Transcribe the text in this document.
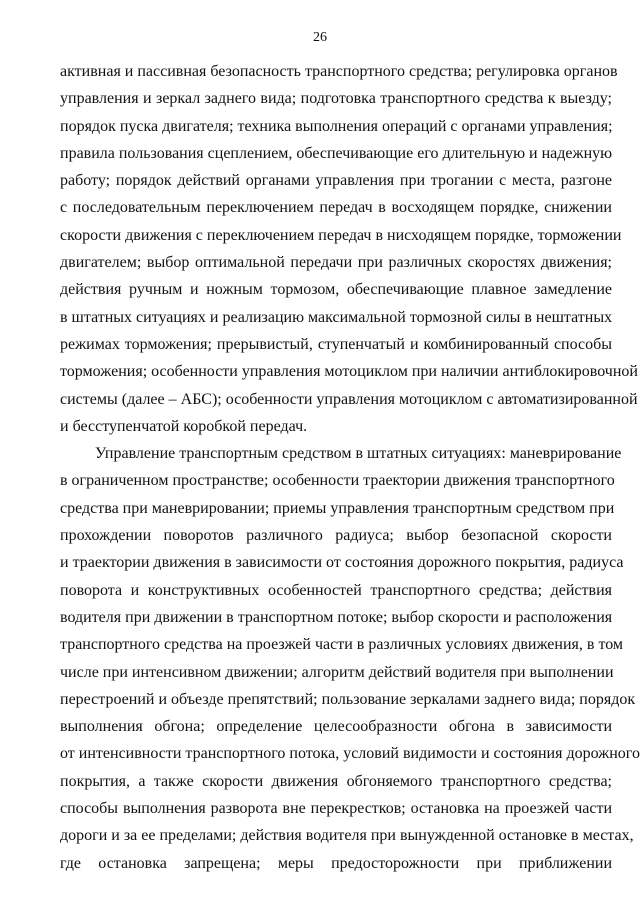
26
активная и пассивная безопасность транспортного средства; регулировка органов
управления и зеркал заднего вида; подготовка транспортного средства к выезду;
порядок пуска двигателя; техника выполнения операций с органами управления;
правила пользования сцеплением, обеспечивающие его длительную и надежную
работу; порядок действий органами управления при трогании с места, разгоне
с последовательным переключением передач в восходящем порядке, снижении
скорости движения с переключением передач в нисходящем порядке, торможении
двигателем; выбор оптимальной передачи при различных скоростях движения;
действия ручным и ножным тормозом, обеспечивающие плавное замедление
в штатных ситуациях и реализацию максимальной тормозной силы в нештатных
режимах торможения; прерывистый, ступенчатый и комбинированный способы
торможения; особенности управления мотоциклом при наличии антиблокировочной
системы (далее – АБС); особенности управления мотоциклом с автоматизированной
и бесступенчатой коробкой передач.
Управление транспортным средством в штатных ситуациях: маневрирование
в ограниченном пространстве; особенности траектории движения транспортного
средства при маневрировании; приемы управления транспортным средством при
прохождении поворотов различного радиуса; выбор безопасной скорости
и траектории движения в зависимости от состояния дорожного покрытия, радиуса
поворота и конструктивных особенностей транспортного средства; действия
водителя при движении в транспортном потоке; выбор скорости и расположения
транспортного средства на проезжей части в различных условиях движения, в том
числе при интенсивном движении; алгоритм действий водителя при выполнении
перестроений и объезде препятствий; пользование зеркалами заднего вида; порядок
выполнения обгона; определение целесообразности обгона в зависимости
от интенсивности транспортного потока, условий видимости и состояния дорожного
покрытия, а также скорости движения обгоняемого транспортного средства;
способы выполнения разворота вне перекрестков; остановка на проезжей части
дороги и за ее пределами; действия водителя при вынужденной остановке в местах,
где остановка запрещена; меры предосторожности при приближении
